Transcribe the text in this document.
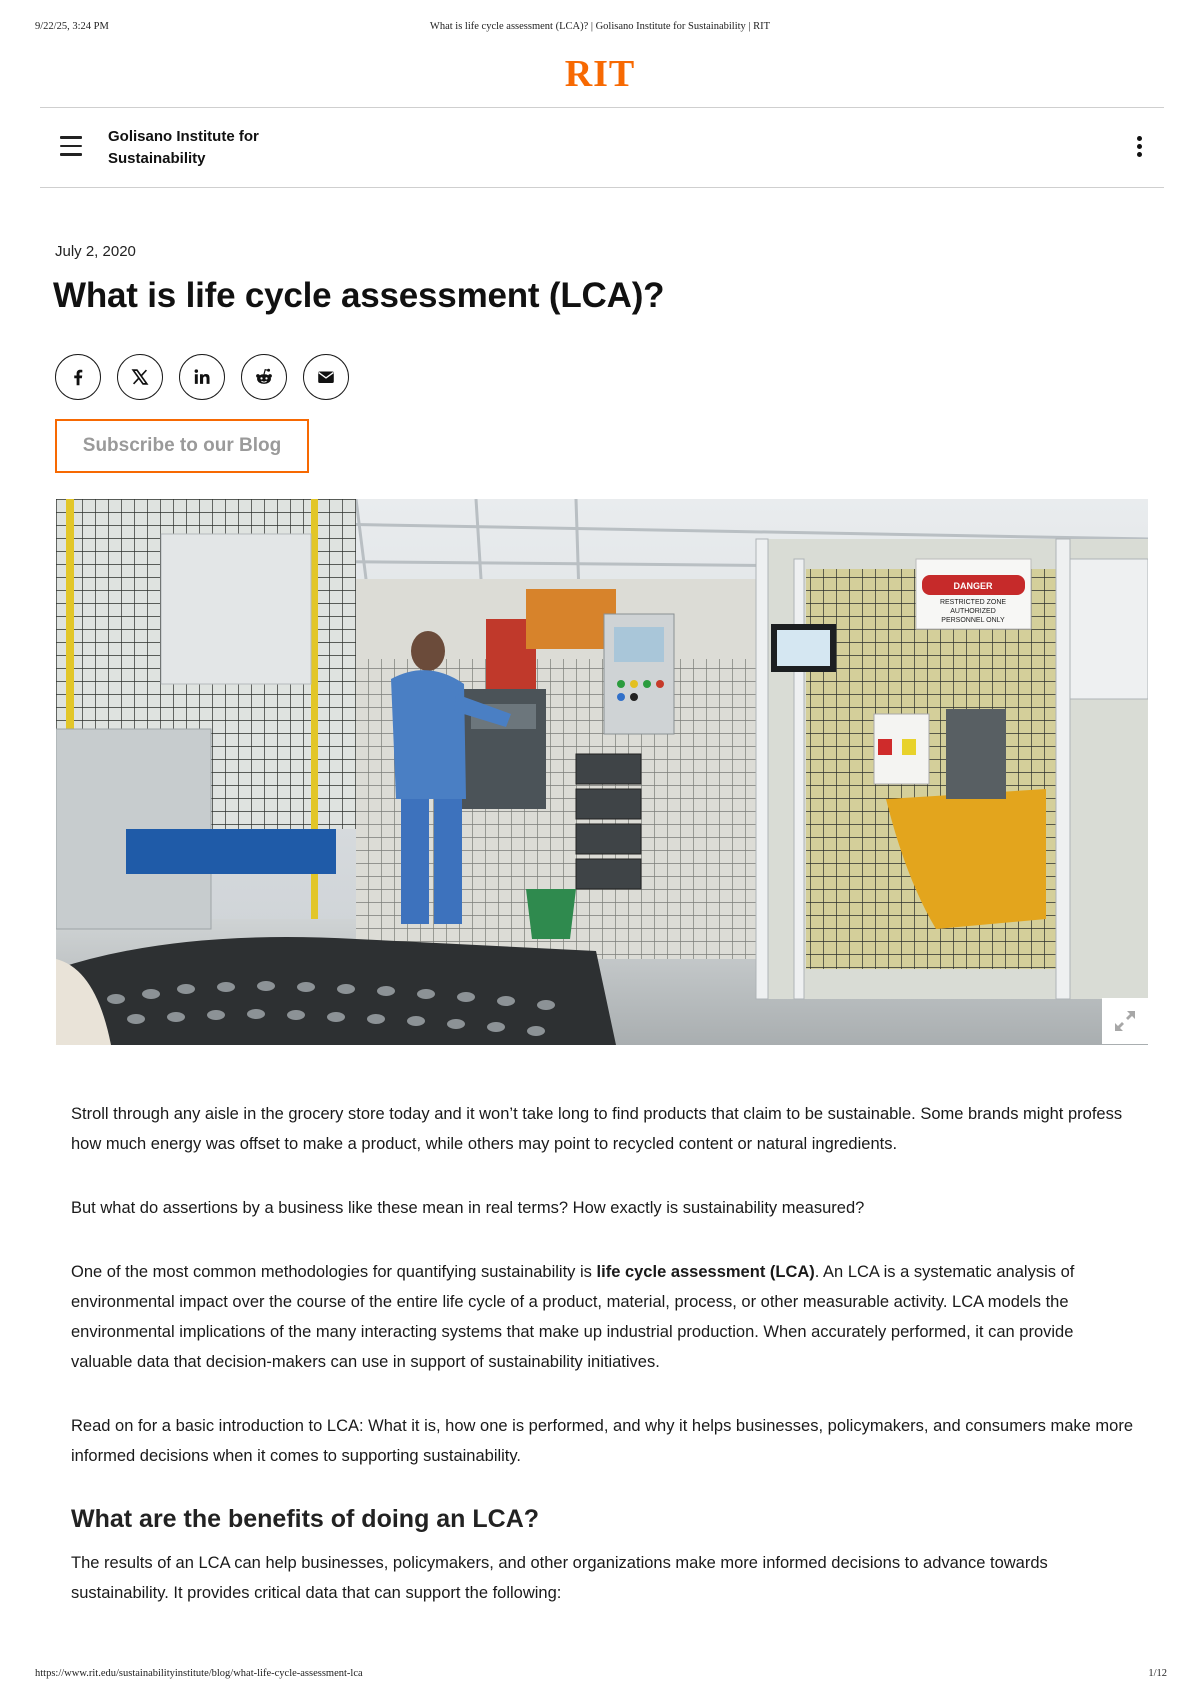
9/22/25, 3:24 PM	What is life cycle assessment (LCA)? | Golisano Institute for Sustainability | RIT
RIT
Golisano Institute for
Sustainability
July 2, 2020
What is life cycle assessment (LCA)?
Subscribe to our Blog
DANGER
RESTRICTED ZONE
AUTHORIZED
PERSONNEL ONLY

Stroll through any aisle in the grocery store today and it won’t take long to find products that claim to be sustainable. Some brands might profess how much energy was offset to make a product, while others may point to recycled content or natural ingredients.

But what do assertions by a business like these mean in real terms? How exactly is sustainability measured?

One of the most common methodologies for quantifying sustainability is life cycle assessment (LCA). An LCA is a systematic analysis of environmental impact over the course of the entire life cycle of a product, material, process, or other measurable activity. LCA models the environmental implications of the many interacting systems that make up industrial production. When accurately performed, it can provide valuable data that decision-makers can use in support of sustainability initiatives.

Read on for a basic introduction to LCA: What it is, how one is performed, and why it helps businesses, policymakers, and consumers make more informed decisions when it comes to supporting sustainability.

What are the benefits of doing an LCA?

The results of an LCA can help businesses, policymakers, and other organizations make more informed decisions to advance towards sustainability. It provides critical data that can support the following:

https://www.rit.edu/sustainabilityinstitute/blog/what-life-cycle-assessment-lca	1/12
